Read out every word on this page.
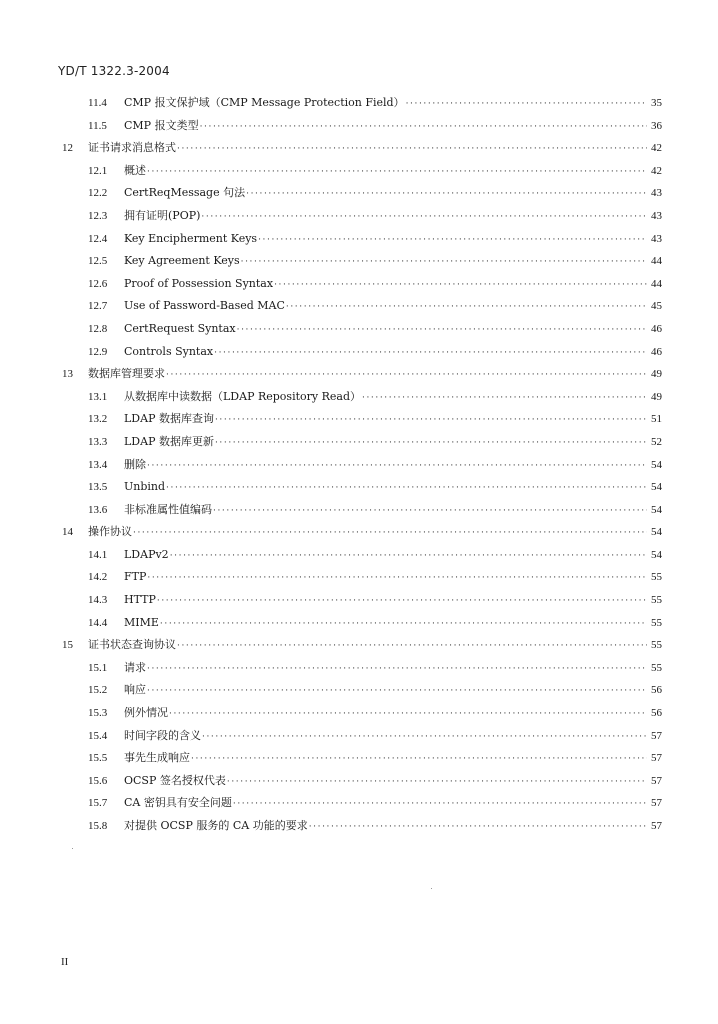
YD/T 1322.3-2004
11.4	CMP 报文保护域（CMP Message Protection Field） ·····	35
11.5	CMP 报文类型 ·····	36
12	证书请求消息格式 ·····	42
12.1	概述 ·····	42
12.2	CertReqMessage 句法 ·····	43
12.3	拥有证明(POP) ·····	43
12.4	Key Encipherment Keys ·····	43
12.5	Key Agreement Keys ·····	44
12.6	Proof of Possession Syntax ·····	44
12.7	Use of Password-Based MAC ·····	45
12.8	CertRequest Syntax ·····	46
12.9	Controls Syntax ·····	46
13	数据库管理要求 ·····	49
13.1	从数据库中读数据（LDAP Repository Read） ·····	49
13.2	LDAP 数据库查询 ·····	51
13.3	LDAP 数据库更新 ·····	52
13.4	删除 ·····	54
13.5	Unbind ·····	54
13.6	非标准属性值编码 ·····	54
14	操作协议 ·····	54
14.1	LDAPv2 ·····	54
14.2	FTP ·····	55
14.3	HTTP ·····	55
14.4	MIME ·····	55
15	证书状态查询协议 ·····	55
15.1	请求 ·····	55
15.2	响应 ·····	56
15.3	例外情况 ·····	56
15.4	时间字段的含义 ·····	57
15.5	事先生成响应 ·····	57
15.6	OCSP 签名授权代表 ·····	57
15.7	CA 密钥具有安全问题 ·····	57
15.8	对提供 OCSP 服务的 CA 功能的要求 ·····	57
II
